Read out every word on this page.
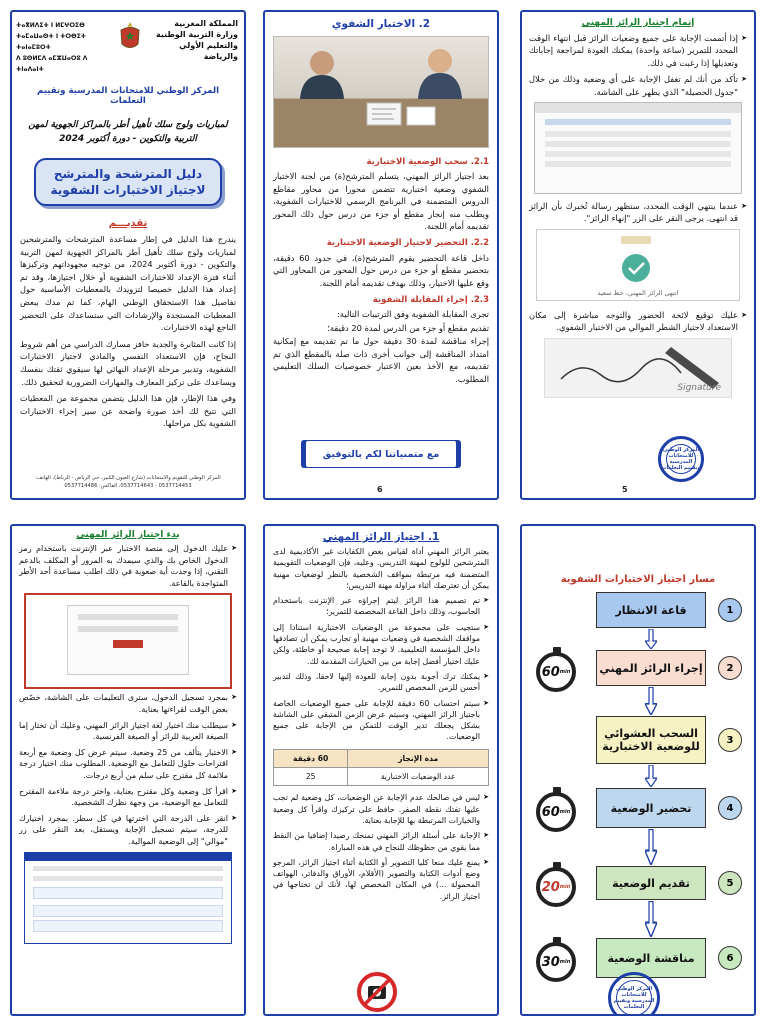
المملكة المغربية
وزارة التربية الوطنية
والتعليم الأولي والرياضة
ⵜⴰⴳⵍⴷⵉⵜ ⵏ ⵍⵎⵖⵔⵉⴱ
ⵜⴰⵎⴰⵡⴰⵙⵜ ⵏ ⵜⵔⴱⵉⵜ ⵜⴰⵏⴰⵎⵓⵔⵜ
ⴷ ⵓⵙⵍⵎⴷ ⴰⵎⵣⵡⴰⵔⵓ ⴷ ⵜⵏⴰⴷⴰⵏⵜ
المركز الوطني للامتحانات المدرسية وتقييم التعلمات
لمباريات ولوج سلك تأهيل أطر بالمراكز الجهوية لمهن التربية والتكوين - دورة أكتوبر 2024
دليل المترشحة والمترشح لاجتياز الاختبارات الشفوية
تقديـــم

يندرج هذا الدليل في إطار مساعدة المترشحات والمترشحين لمباريات ولوج سلك تأهيل أطر بالمراكز الجهوية لمهن التربية والتكوين - دورة أكتوبر 2024، من توجيه مجهوداتهم وتركيزها أثناء فترة الإعداد للاختبارات الشفوية أو خلال اجتيازها، وقد تم إعداد هذا الدليل خصيصا لتزويدك بالمعطيات الأساسية حول تفاصيل هذا الاستحقاق الوطني الهام، كما تم مدك ببعض المعطيات المستجدة والإرشادات التي ستساعدك على التحضير الناجع لهذه الاختبارات.

إذا كانت المثابرة والجدية حافز مسارك الدراسي من أهم شروط النجاح، فإن الاستعداد النفسي والمادي لاجتياز الاختبارات الشفوية، وتدبير مرحلة الإعداد النهائي لها سيقوي ثقتك بنفسك ويساعدك على تركيز المعارف والمهارات الضرورية لتحقيق ذلك.

وفي هذا الإطار، فإن هذا الدليل يتضمن مجموعة من المعطيات التي تتيح لك أخذ صورة واضحة عن سير إجراء الاختبارات الشفوية بكل مراحلها.

المركز الوطني للتقويم والامتحانات (شارع العيون الكبير، حي الرياض - الرباط)، الهاتف: 0537714453 - 0537714643، الفاكس: 0537714486
2. الاختبار الشفوي
2.1. سحب الوضعية الاختبارية

بعد اجتياز الرائز المهني، يتسلم المترشح(ة) من لجنة الاختبار الشفوي وضعية اختبارية تتضمن محورا من محاور مقاطع الدروس المتضمنة في البرنامج الرسمي للاختبارات الشفوية، ويطلب منه إنجاز مقطع أو جزء من درس حول ذلك المحور تقديمه أمام اللجنة.

2.2. التحضير لاجتياز الوضعية الاختبارية

داخل قاعة التحضير يقوم المترشح(ة)، في حدود 60 دقيقة، بتحضير مقطع أو جزء من درس حول المحور من المحاور التي وقع عليها الاختيار، وذلك بهدف تقديمه أمام اللجنة.

2.3. إجراء المقابلة الشفوية

تجرى المقابلة الشفوية وفق الترتيبات التالية:

تقديم مقطع أو جزء من الدرس لمدة 20 دقيقة؛

إجراء مناقشة لمدة 30 دقيقة حول ما تم تقديمه مع إمكانية امتداد المناقشة إلى جوانب أخرى ذات صلة بالمقطع الذي تم تقديمه، مع الأخذ بعين الاعتبار خصوصيات السلك التعليمي المطلوب.

مع متمنياتنا لكم بالتوفيق
6
إتمام اجتياز الرائز المهني

➤ إذا أتممت الإجابة على جميع وضعيات الرائز قبل انتهاء الوقت المحدد للتمرير (ساعة واحدة) يمكنك العودة لمراجعة إجاباتك وتعديلها إذا رغبت في ذلك.

➤ تأكد من أنك لم تغفل الإجابة على أي وضعية وذلك من خلال "جدول الحصيلة" الذي يظهر على الشاشة.

➤ عندما ينتهي الوقت المحدد، ستظهر رسالة تُخبرك بأن الرائز قد انتهى. يرجى النقر على الزر "إنهاء الرائز".

انتهى الرائز المهني، حظ سعيد

➤ عليك توقيع لائحة الحضور والتوجه مباشرة إلى مكان الاستعداد لاجتياز الشطر الموالي من الاختبار الشفوي.

Signature
المركز الوطني للامتحانات المدرسية وتقييم التعلمات
5
بدء اجتياز الرائز المهني

➤ عليك الدخول إلى منصة الاختبار عبر الإنترنت باستخدام رمز الدخول الخاص بك والذي سيمدك به المرور أو المكلف بالدعم التقني، إذا وجدت أية صعوبة في ذلك اطلب مساعدة أحد الأطر المتواجدة بالقاعة.

➤ بمجرد تسجيل الدخول، سترى التعليمات على الشاشة، خصّص بعض الوقت لقراءتها بعناية.

➤ سيطلب منك اختيار لغة اجتياز الرائز المهني، وعليك أن تختار إما الصيغة العربية للرائز أو الصيغة الفرنسية.

➤ الاختبار يتألف من 25 وضعية. سيتم عرض كل وضعية مع أربعة اقتراحات حلول للتعامل مع الوضعية. المطلوب منك اختيار درجة ملائمة كل مقترح على سلم من أربع درجات.

➤ اقرأ كل وضعية وكل مقترح بعناية، واختر درجة ملاءمة المقترح للتعامل مع الوضعية، من وجهة نظرك الشخصية.

➤ انقر على الدرجة التي اخترتها في كل سطر. بمجرد اختيارك للدرجة، سيتم تسجيل الإجابة ويستقل، بعد النقر على زر "موالي" إلى الوضعية الموالية.

1. اجتياز الرائز المهني

يعتبر الرائز المهني أداة لقياس بعض الكفايات غير الأكاديمية لدى المترشحين للولوج لمهنة التدريس. وعليه، فإن الوضعيات التقويمية المتضمنة فيه مرتبطة بمواقف الشخصية بالنظر لوضعيات مهنية يمكن أن تعترضك أثناء مزاولة مهنة التدريس؛

➤ تم تصميم هذا الرائز ليتم إجراؤه عبر الإنترنت باستخدام الحاسوب، وذلك داخل القاعة المخصصة للتمرير؛

➤ ستجيب على مجموعة من الوضعيات الاختبارية استنادا إلى مواقفك الشخصية في وضعيات مهنية أو تجارب يمكن أن تصادفها داخل المؤسسة التعليمية. لا توجد إجابة صحيحة أو خاطئة، ولكن عليك اختيار أفضل إجابة من بين الخيارات المقدمة لك.

➤ يمكنك ترك أجوبة بدون إجابة للعودة إليها لاحقا، وذلك لتدبير أحسن للزمن المخصص للتمرير.

➤ سيتم احتساب 60 دقيقة للإجابة على جميع الوضعيات الخاصة باجتياز الرائز المهني، وسيتم عرض الزمن المتبقي على الشاشة بشكل يجعلك تدير الوقت للتمكن من الإجابة على جميع الوضعيات.

مدة الإنجاز	60 دقيقة
عدد الوضعيات الاختبارية	25

➤ ليس في صالحك عدم الإجابة عن الوضعيات، كل وضعية لم تجب عليها تفتك نقطة الصفر. حافظ على تركيزك واقرأ كل وضعية والخيارات المرتبطة بها للإجابة بعناية.

➤ الإجابة على أسئلة الرائز المهني تمنحك رصيدا إضافيا من النقط مما يقوي من حظوظك للنجاح في هذه المباراة.

➤ يمنع عليك منعا كليا التصوير أو الكتابة أثناء اجتياز الرائز، المرجو وضع أدوات الكتابة والتصوير (الأقلام، الأوراق والدفاتر، الهواتف المحمولة ...) في المكان المخصص لها، لأنك لن تحتاجها في اجتياز الرائز.

مسار اجتياز الاختبارات الشفوية
قاعة الانتظار	1
إجراء الرائز المهني	2
60 min
السحب العشوائي للوضعية الاختبارية	3
تحضير الوضعية	4
60 min
تقديم الوضعية	5
20 min
مناقشة الوضعية	6
30 min
المركز الوطني للامتحانات المدرسية وتقييم التعلمات
